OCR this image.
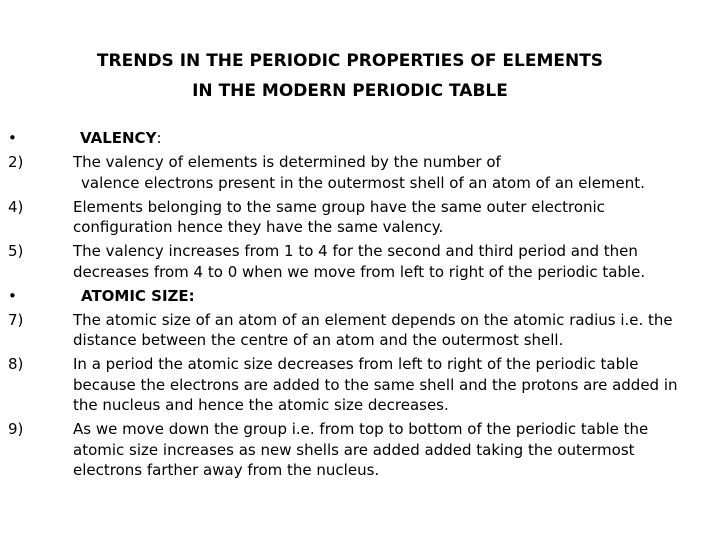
TRENDS IN THE PERIODIC PROPERTIES OF ELEMENTS
IN THE MODERN PERIODIC TABLE
•	VALENCY:
2)	The valency of elements is determined by the number of
valence electrons present in the outermost shell of an atom of an element.
4)	Elements belonging to the same group have the same outer electronic
configuration hence they have the same valency.
5)	The valency increases from 1 to 4 for the second and third period and then
decreases from 4 to 0 when we move from left to right of the periodic table.
•	ATOMIC SIZE:
7)	The atomic size of an atom of an element depends on the atomic radius i.e. the
distance between the centre of an atom and the outermost shell.
8)	In a period the atomic size decreases from left to right of the periodic table
because the electrons are added to the same shell and the protons are added in
the nucleus and hence the atomic size decreases.
9)	As we move down the group i.e. from top to bottom of the periodic table the
atomic size increases as new shells are added added taking the outermost
electrons farther away from the nucleus.
